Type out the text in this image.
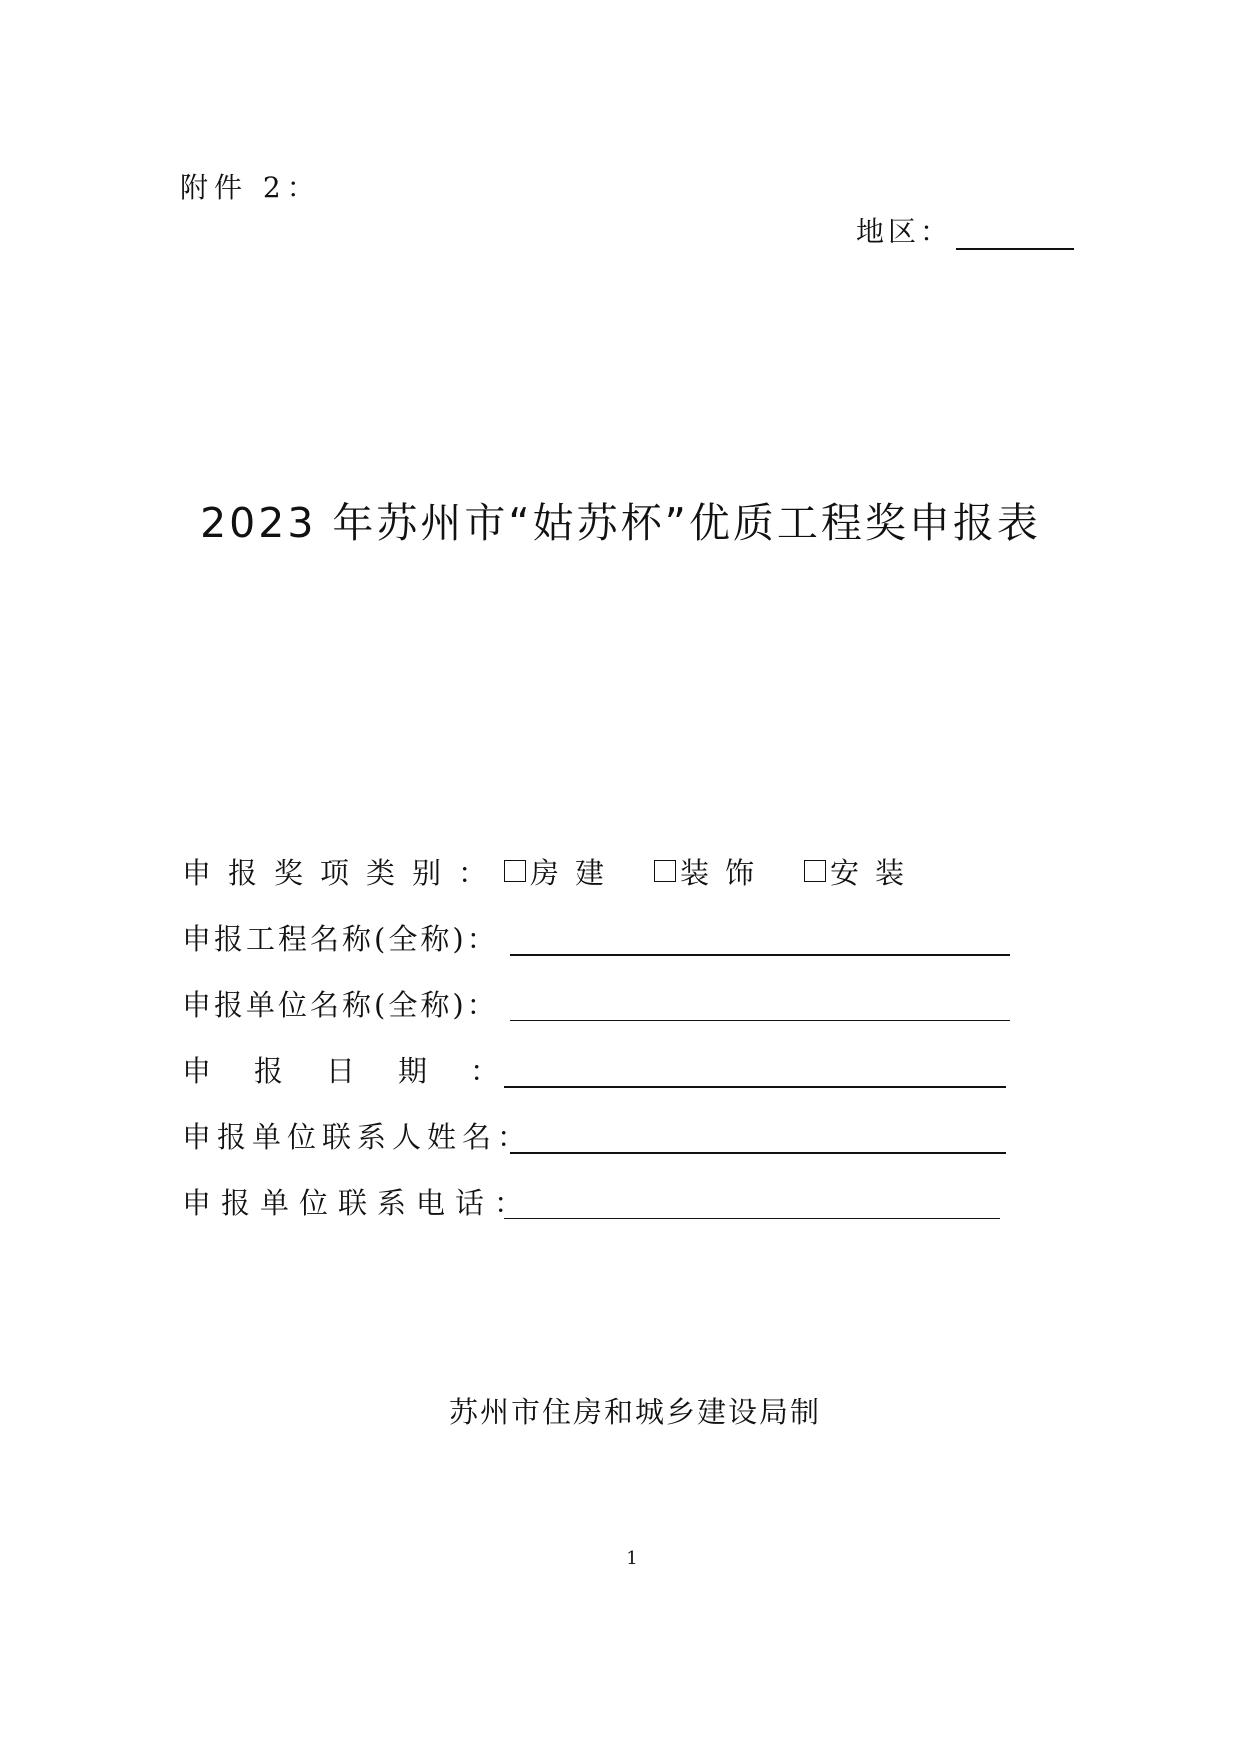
附件 2：
地区：
2023 年苏州市“姑苏杯”优质工程奖申报表
申报奖项类别： 房建 装饰 安装
申报工程名称(全称)：
申报单位名称(全称)：
申报日期：
申报单位联系人姓名：
申报单位联系电话：
苏州市住房和城乡建设局制
1
